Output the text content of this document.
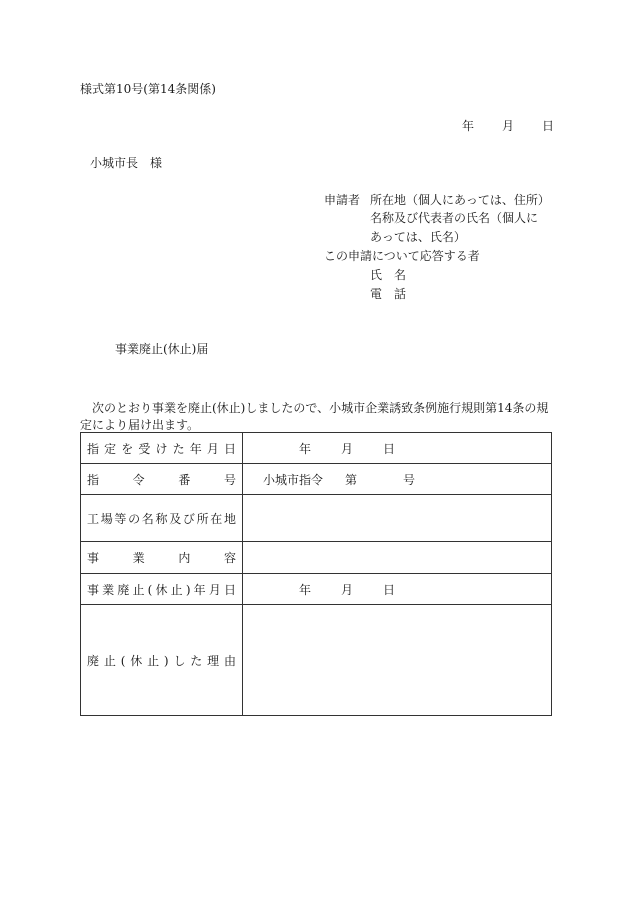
様式第10号(第14条関係)
年 月 日
小城市長　様
申請者 所在地（個人にあっては、住所）
名称及び代表者の氏名（個人に
あっては、氏名）
この申請について応答する者
氏　名
電　話
事業廃止(休止)届
次のとおり事業を廃止(休止)しましたので、小城市企業誘致条例施行規則第14条の規定により届け出ます。
指定を受けた年月日	年 月 日
指令番号	小城市指令 第 号
工場等の名称及び所在地	
事業内容	
事業廃止(休止)年月日	年 月 日
廃止(休止)した理由	
